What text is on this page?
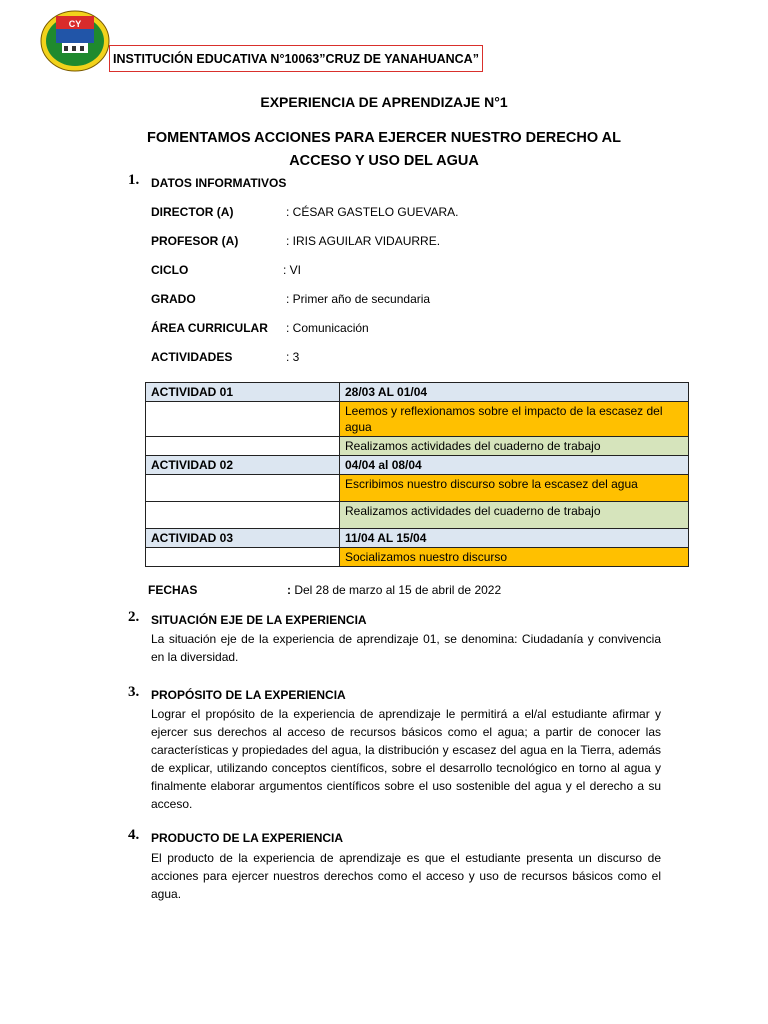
CY
INSTITUCIÓN EDUCATIVA N°10063”CRUZ DE YANAHUANCA”
EXPERIENCIA DE APRENDIZAJE N°1
FOMENTAMOS ACCIONES PARA EJERCER NUESTRO DERECHO AL
ACCESO Y USO DEL AGUA
1. DATOS INFORMATIVOS
DIRECTOR (A)	: CÉSAR GASTELO GUEVARA.
PROFESOR (A)	: IRIS AGUILAR VIDAURRE.
CICLO	: VI
GRADO	: Primer año de secundaria
ÁREA CURRICULAR : Comunicación
ACTIVIDADES	: 3
ACTIVIDAD 01	28/03 AL 01/04
	Leemos y reflexionamos sobre el impacto de la escasez del agua
	Realizamos actividades del cuaderno de trabajo
ACTIVIDAD 02	04/04 al 08/04
	Escribimos nuestro discurso sobre la escasez del agua
	Realizamos actividades del cuaderno de trabajo
ACTIVIDAD 03	11/04 AL 15/04
	Socializamos nuestro discurso
FECHAS	: Del 28 de marzo al 15 de abril de 2022
2. SITUACIÓN EJE DE LA EXPERIENCIA
La situación eje de la experiencia de aprendizaje 01, se denomina: Ciudadanía y convivencia en la diversidad.
3. PROPÓSITO DE LA EXPERIENCIA
Lograr el propósito de la experiencia de aprendizaje le permitirá a el/al estudiante afirmar y ejercer sus derechos al acceso de recursos básicos como el agua; a partir de conocer las características y propiedades del agua, la distribución y escasez del agua en la Tierra, además de explicar, utilizando conceptos científicos, sobre el desarrollo tecnológico en torno al agua y finalmente elaborar argumentos científicos sobre el uso sostenible del agua y el derecho a su acceso.
4. PRODUCTO DE LA EXPERIENCIA
El producto de la experiencia de aprendizaje es que el estudiante presenta un discurso de acciones para ejercer nuestros derechos como el acceso y uso de recursos básicos como el agua.
